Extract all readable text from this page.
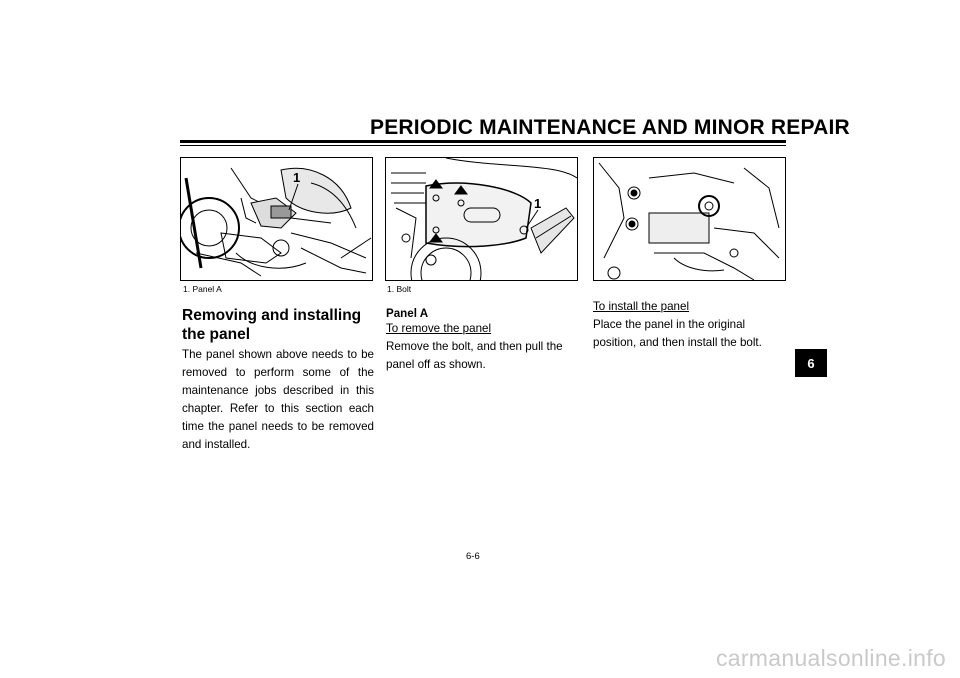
PERIODIC MAINTENANCE AND MINOR REPAIR
1
1. Panel A
1
1. Bolt
Removing and installing the panel
The panel shown above needs to be removed to perform some of the maintenance jobs described in this chapter. Refer to this section each time the panel needs to be removed and installed.
Panel A
To remove the panel
Remove the bolt, and then pull the panel off as shown.
To install the panel
Place the panel in the original position, and then install the bolt.
6
6-6
carmanualsonline.info
